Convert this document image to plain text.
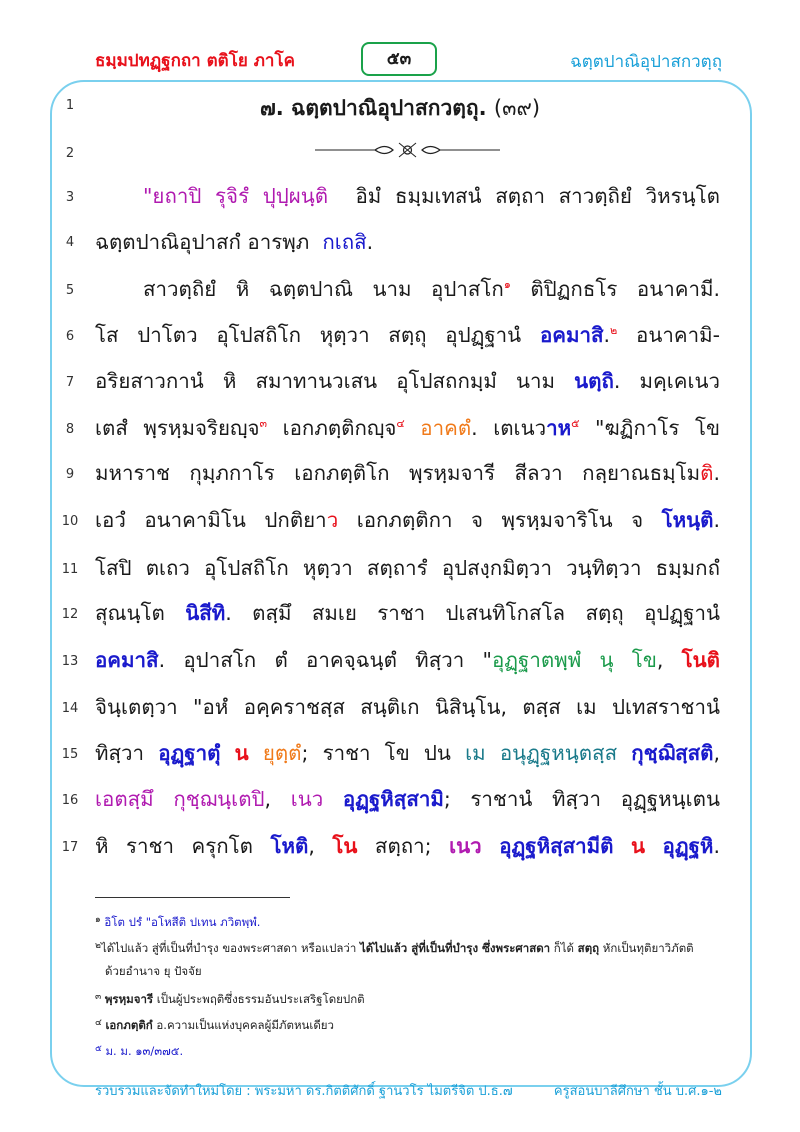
ธมฺมปทฏฺฐกถา ตติโย ภาโค	๕๓	ฉตฺตปาณิอุปาสกวตฺถุ
๗. ฉตฺตปาณิอุปาสกวตฺถุ. (๓๙)
1
2
3
4
5
6
7
8
9
10
11
12
13
14
15
16
17
"ยถาปิ รุจิรํ ปุปฺผนฺติ อิมํ ธมฺมเทสนํ สตฺถา สาวตฺถิยํ วิหรนฺโต
ฉตฺตปาณิอุปาสกํ อารพฺภ กเถสิ.
สาวตฺถิยํ หิ ฉตฺตปาณิ นาม อุปาสโก$^๑$ ติปิฏกธโร อนาคามี.
โส ปาโตว อุโปสถิโก หุตฺวา สตฺถุ อุปฏฺฐานํ อคมาสิ.$^๒$ อนาคามิ-
อริยสาวกานํ หิ สมาทานวเสน อุโปสถกมฺมํ นาม นตฺถิ. มคฺเคเนว
เตสํ พฺรหฺมจริยญฺจ$^๓$ เอกภตฺติกญฺจ$^๔$ อาคตํ. เตเนวาห$^๕$ "ฆฏิกาโร โข
มหาราช กุมฺภกาโร เอกภตฺติโก พฺรหฺมจารี สีลวา กลฺยาณธมฺโมติ.
เอวํ อนาคามิโน ปกติยาว เอกภตฺติกา จ พฺรหฺมจาริโน จ โหนฺติ.
โสปิ ตเถว อุโปสถิโก หุตฺวา สตฺถารํ อุปสงฺกมิตฺวา วนฺทิตฺวา ธมฺมกถํ
สุณนฺโต นิสีทิ. ตสฺมึ สมเย ราชา ปเสนทิโกสโล สตฺถุ อุปฏฺฐานํ
อคมาสิ. อุปาสโก ตํ อาคจฺฉนฺตํ ทิสฺวา "อุฏฺฐาตพฺพํ นุ โข, โนติ
จินฺเตตฺวา "อหํ อคฺคราชสฺส สนฺติเก นิสินฺโน, ตสฺส เม ปเทสราชานํ
ทิสฺวา อุฏฺฐาตุํ น ยุตฺตํ; ราชา โข ปน เม อนุฏฺฐหนฺตสฺส กุชฺฌิสฺสติ,
เอตสฺมึ กุชฺฌนฺเตปิ, เนว อุฏฺฐหิสฺสามิ; ราชานํ ทิสฺวา อุฏฺฐหนฺเตน
หิ ราชา ครุกโต โหติ, โน สตฺถา; เนว อุฏฺฐหิสฺสามีติ น อุฏฺฐหิ.
$^๑$ อิโต ปรํ "อโหสีติ ปเทน ภวิตพฺพํ.
$^๒$ได้ไปแล้ว สู่ที่เป็นที่บำรุง ของพระศาสดา หรือแปลว่า ได้ไปแล้ว สู่ที่เป็นที่บำรุง ซึ่งพระศาสดา ก็ได้ สตฺถุ หักเป็นทุติยาวิภัตติ
ด้วยอำนาจ ยุ ปัจจัย
$^๓$ พฺรหฺมจารี เป็นผู้ประพฤติซึ่งธรรมอันประเสริฐโดยปกติ
$^๔$ เอกภตฺติกํ อ.ความเป็นแห่งบุคคลผู้มีภัตหนเดียว
$^๕$ ม. ม. ๑๓/๓๗๕.
รวบรวมและจัดทำใหม่โดย : พระมหา ดร.กิตติศักดิ์ ฐานวโร ไมตรีจิต ป.ธ.๗	ครูสอนบาลีศึกษา ชั้น บ.ศ.๑-๒
